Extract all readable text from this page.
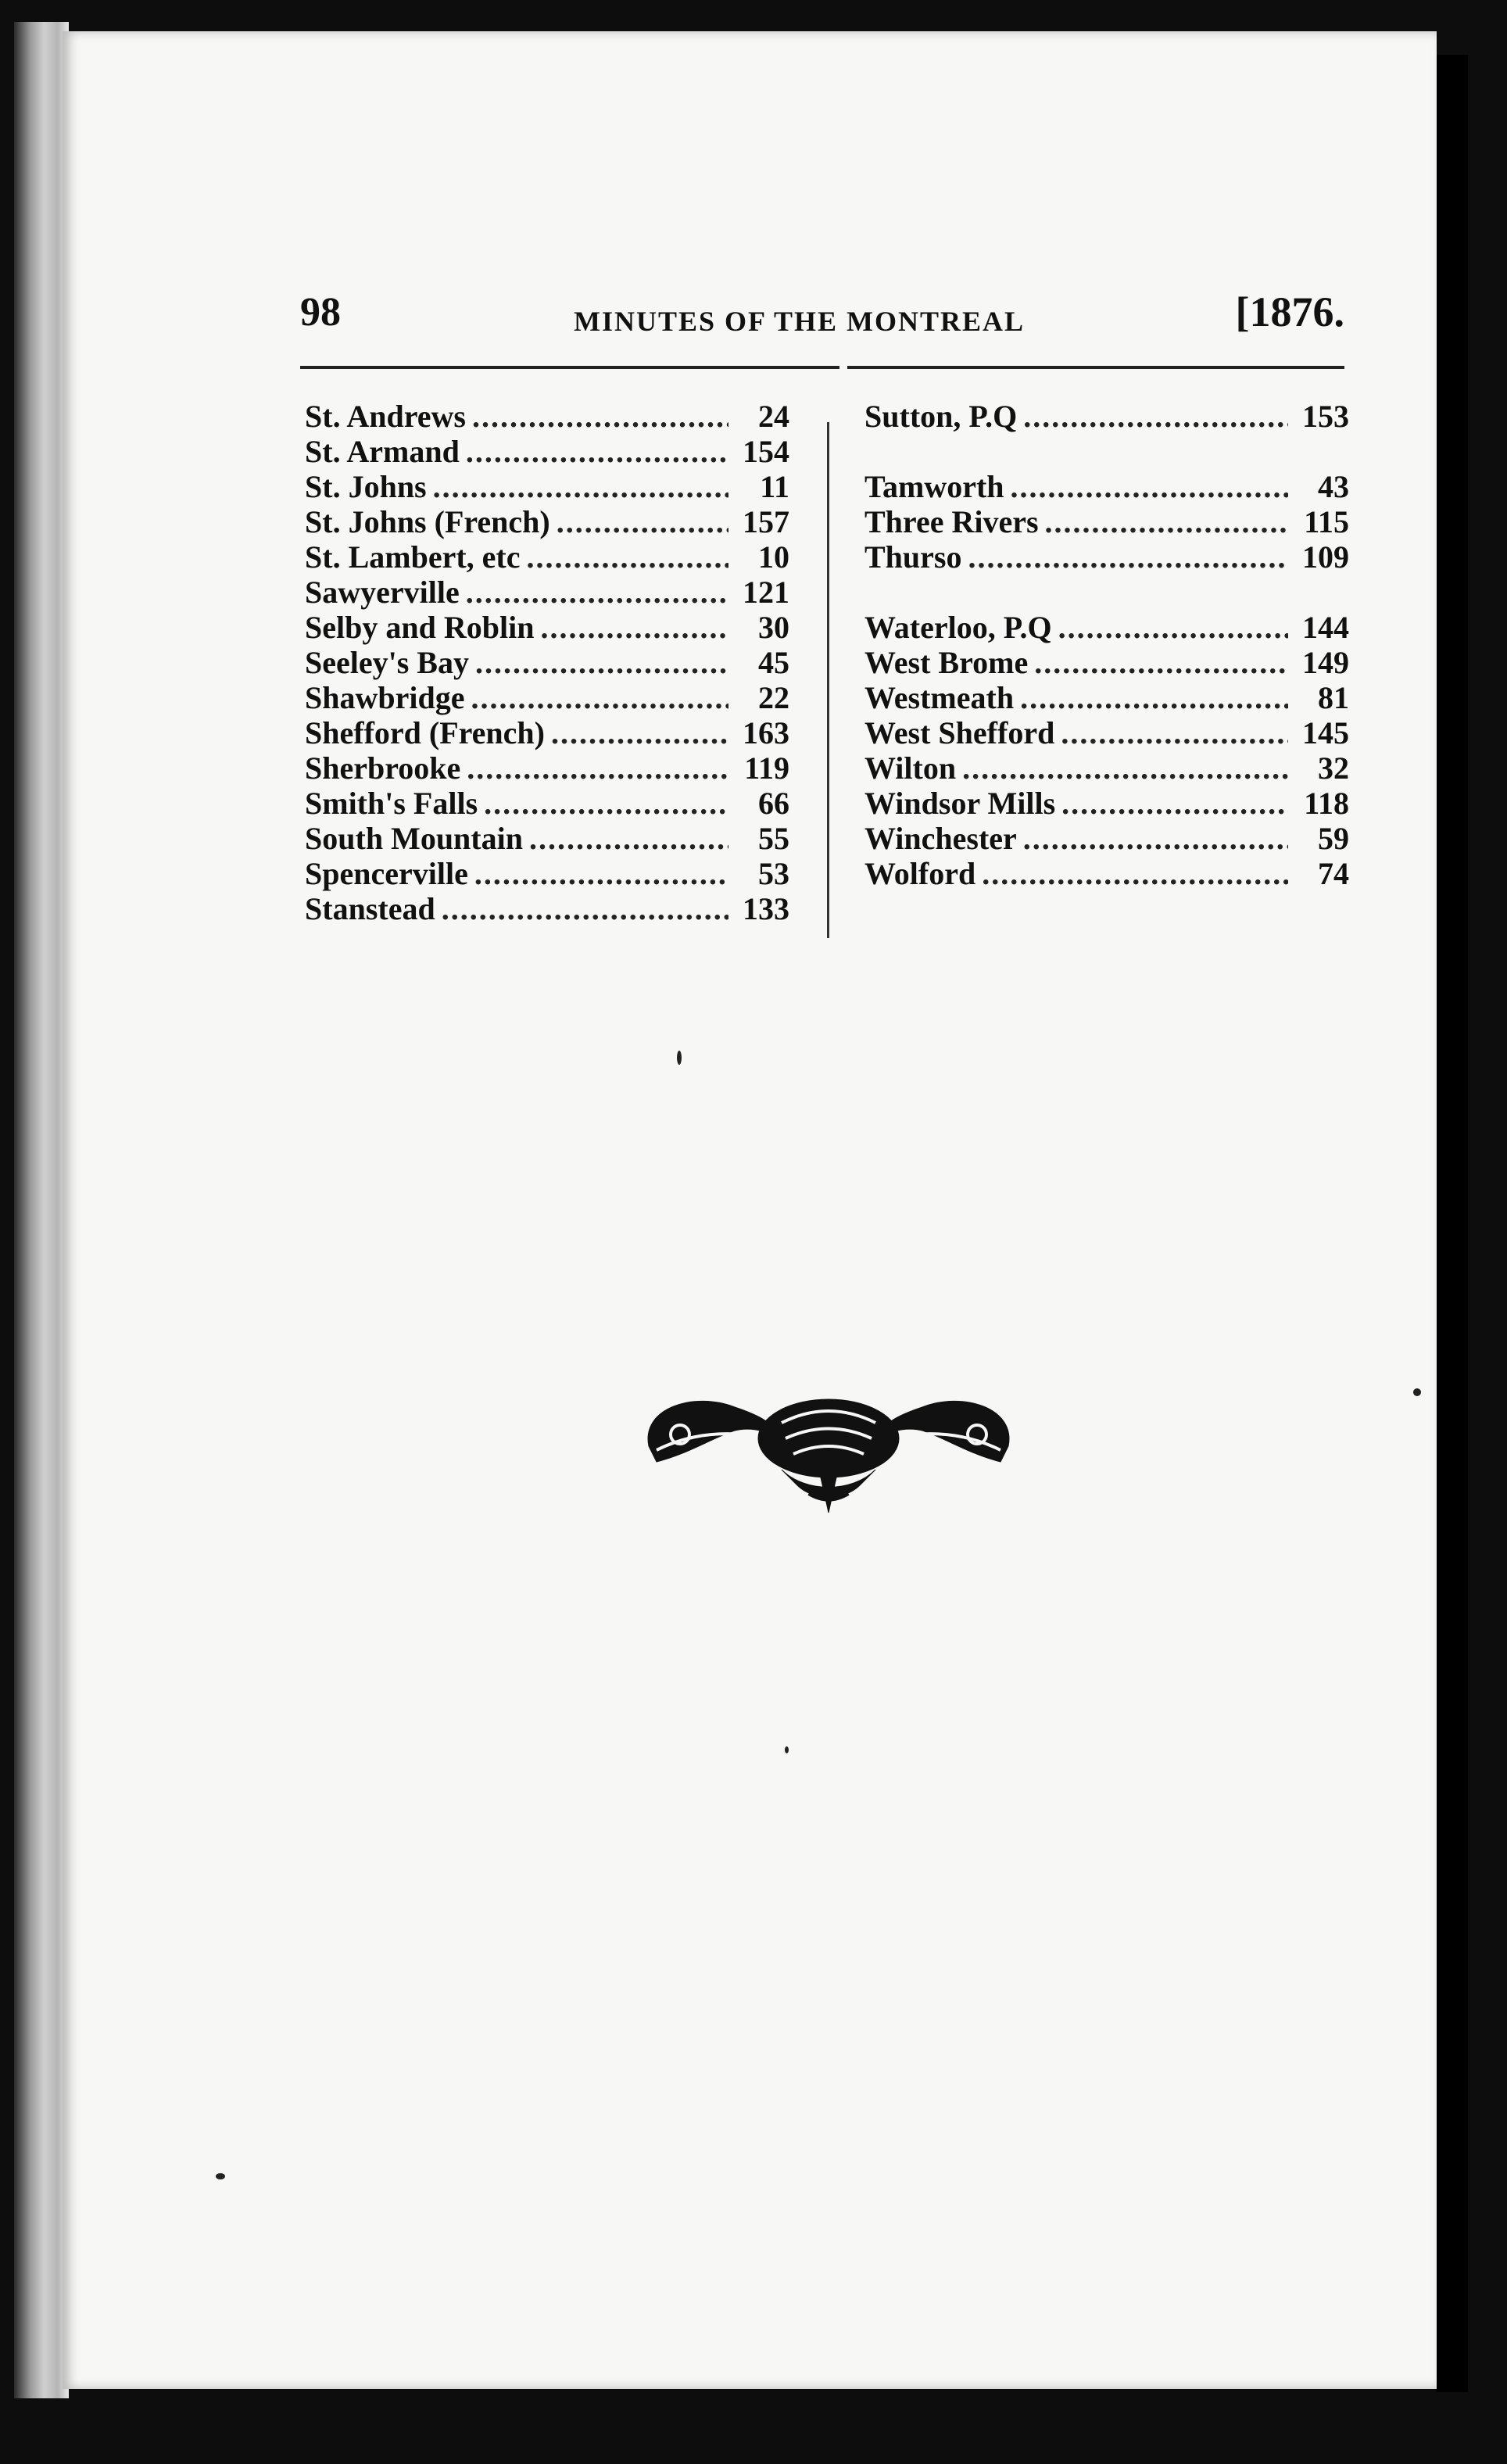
98	MINUTES OF THE MONTREAL	[1876.
St. Andrews .....	24
St. Armand .....	154
St. Johns .....	11
St. Johns (French) .....	157
St. Lambert, etc .....	10
Sawyerville .....	121
Selby and Roblin .....	30
Seeley's Bay .....	45
Shawbridge .....	22
Shefford (French) .....	163
Sherbrooke .....	119
Smith's Falls .....	66
South Mountain .....	55
Spencerville .....	53
Stanstead .....	133
Sutton, P.Q .....	153
Tamworth .....	43
Three Rivers .....	115
Thurso .....	109
Waterloo, P.Q .....	144
West Brome .....	149
Westmeath .....	81
West Shefford .....	145
Wilton .....	32
Windsor Mills .....	118
Winchester .....	59
Wolford .....	74
